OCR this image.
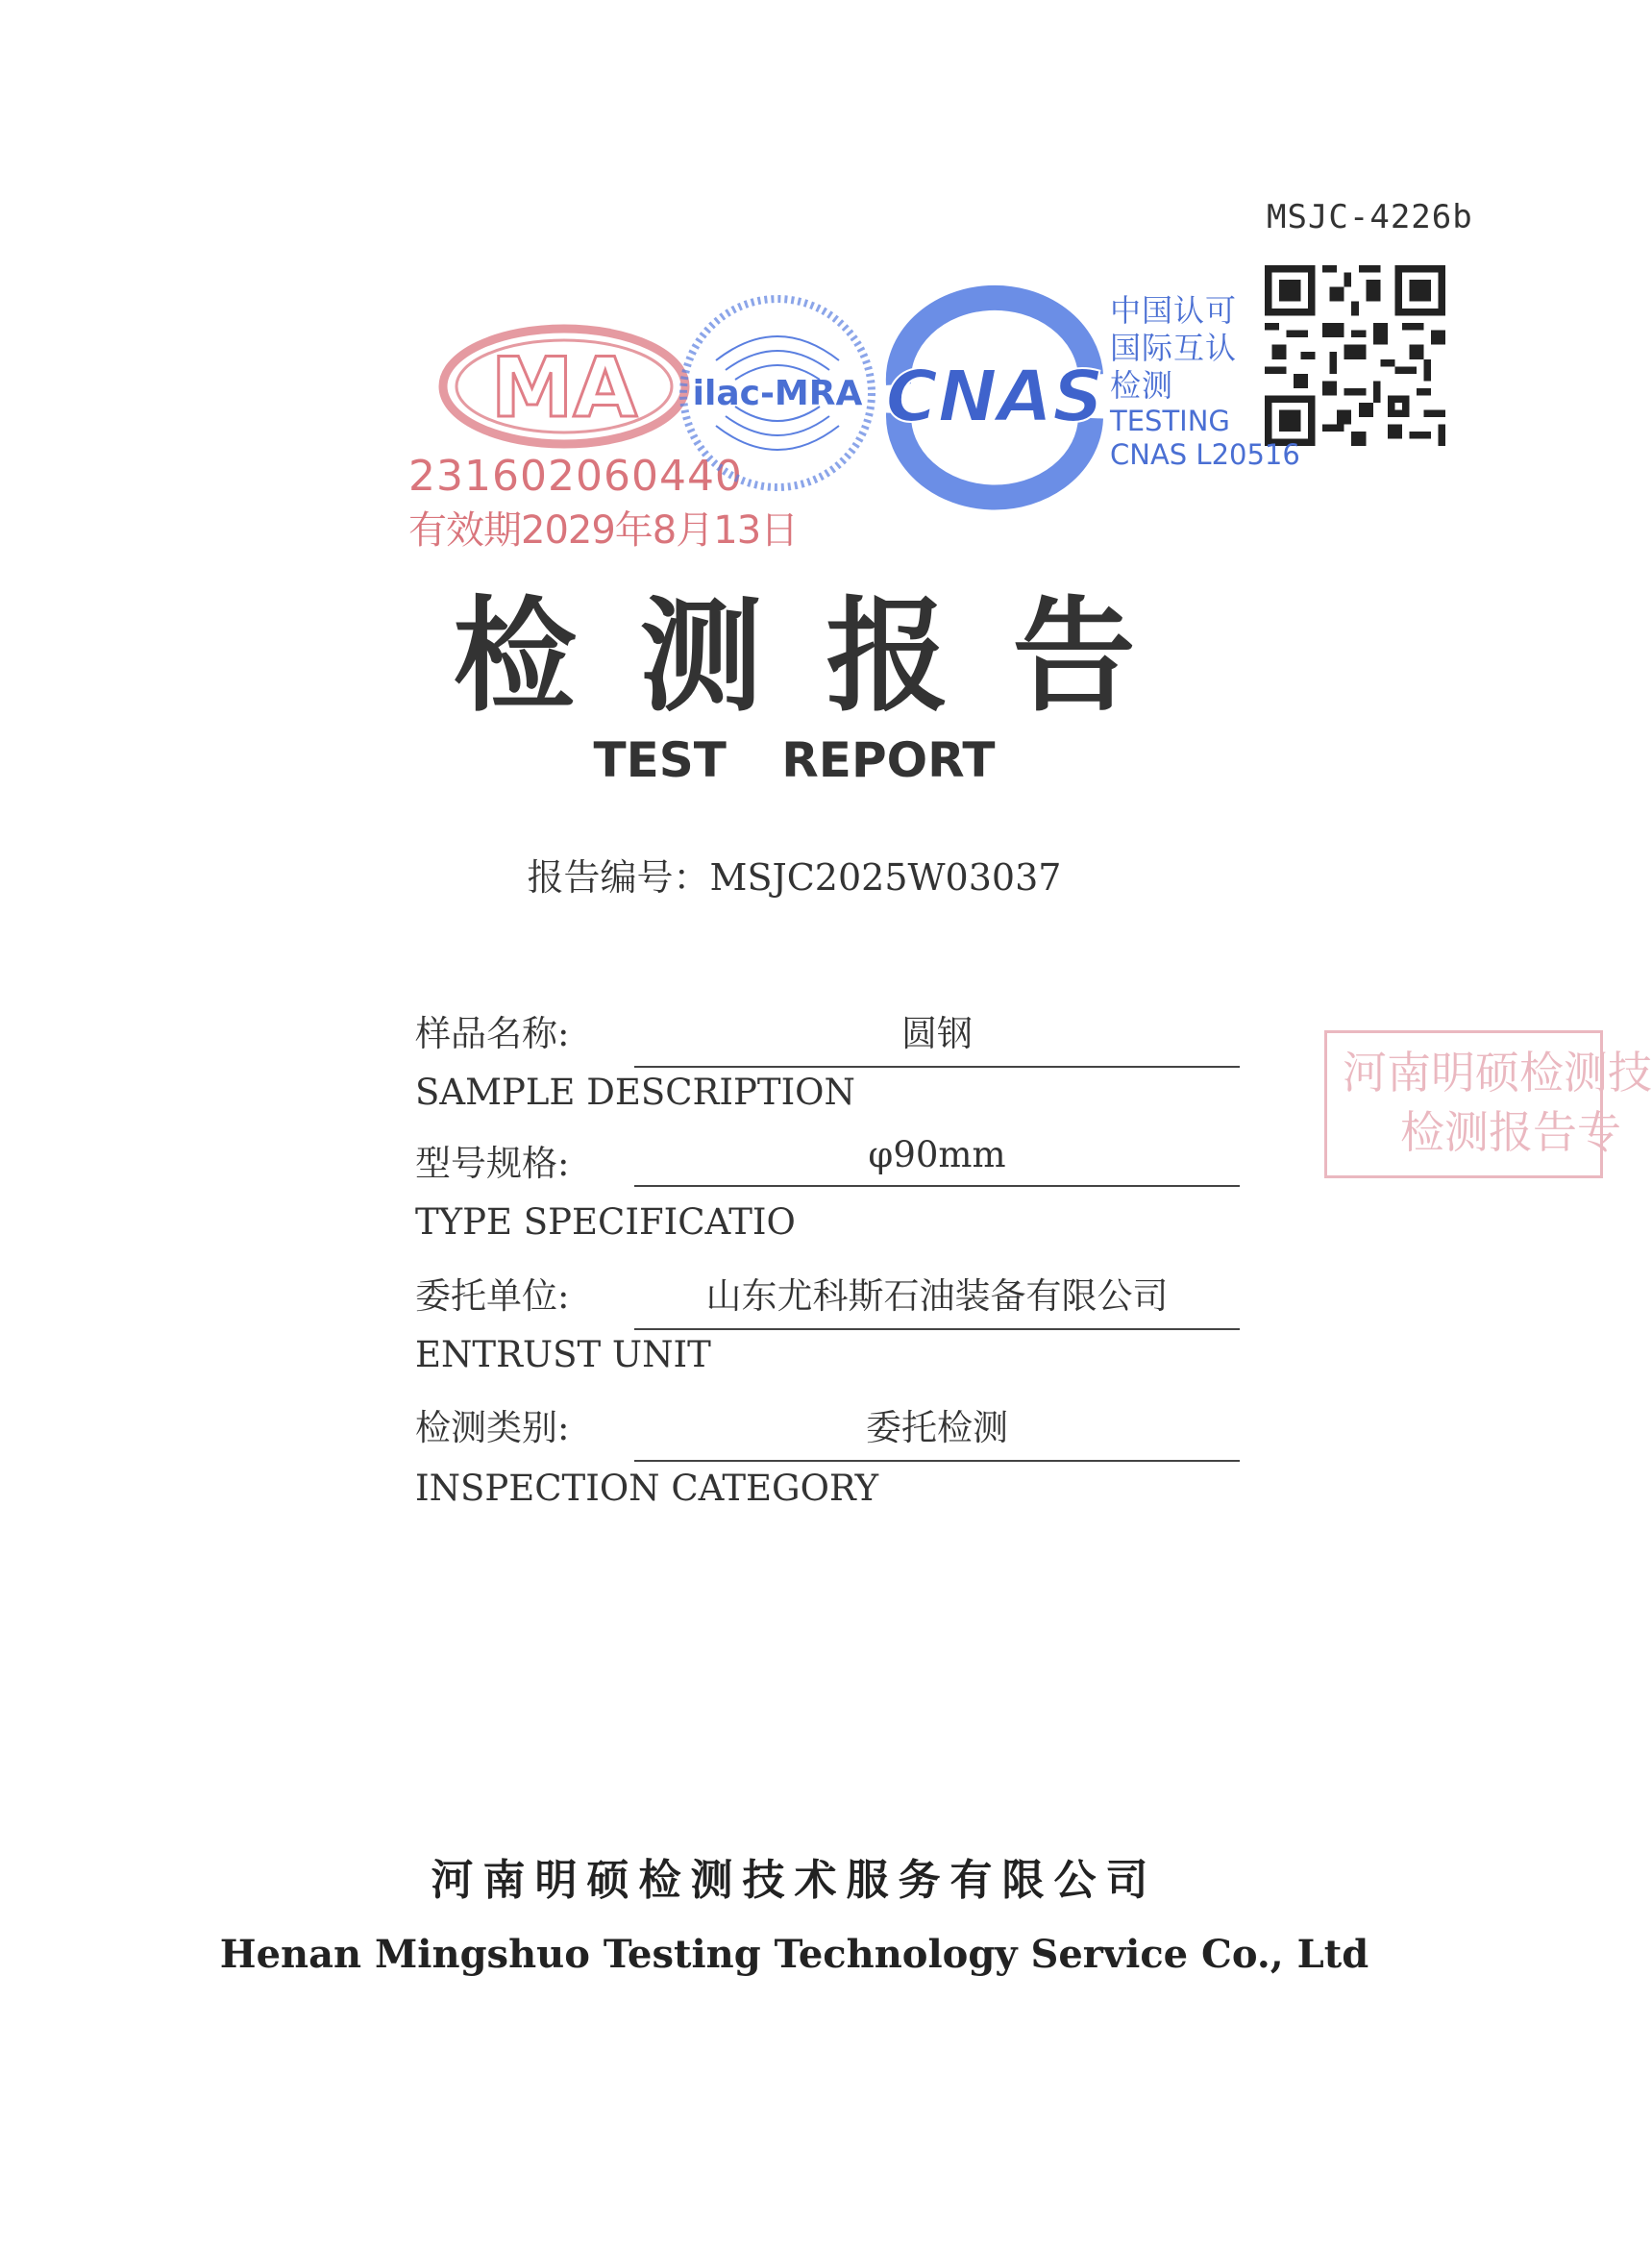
MSJC-4226b
MA
231602060440
有效期2029年8月13日
ilac-MRA CNAS
中国认可
国际互认
检测
TESTING
CNAS L20516
检测报告
TEST REPORT
报告编号：MSJC2025W03037
样品名称:	圆钢
SAMPLE DESCRIPTION
型号规格:	φ90mm
TYPE SPECIFICATIO
委托单位:	山东尤科斯石油装备有限公司
ENTRUST UNIT
检测类别:	委托检测
INSPECTION CATEGORY
河南明硕检测技
检测报告专
河南明硕检测技术服务有限公司
Henan Mingshuo Testing Technology Service Co., Ltd
